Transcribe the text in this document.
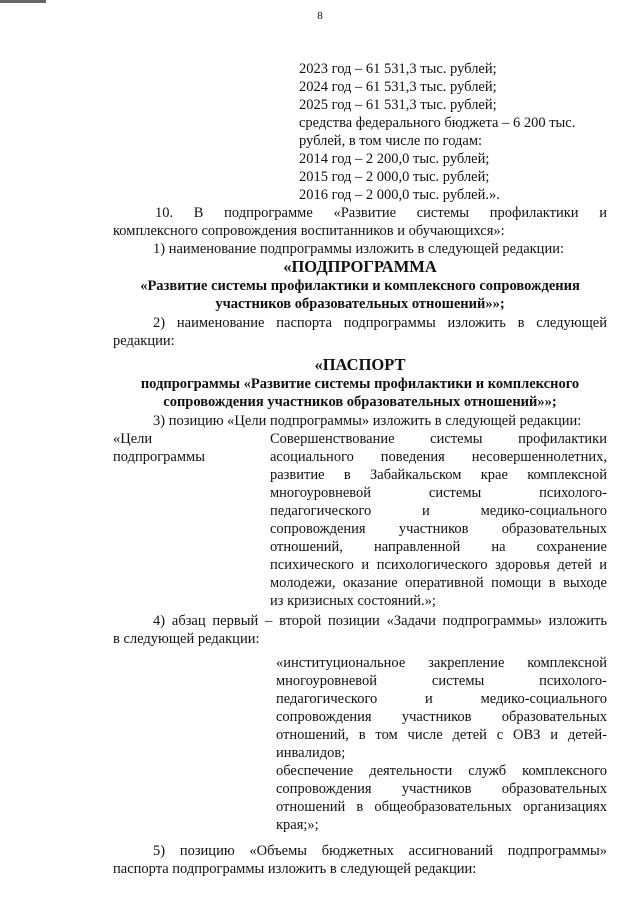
8
2023 год – 61 531,3 тыс. рублей;
2024 год – 61 531,3 тыс. рублей;
2025 год – 61 531,3 тыс. рублей;
средства федерального бюджета – 6 200 тыс.
рублей, в том числе по годам:
2014 год – 2 200,0 тыс. рублей;
2015 год – 2 000,0 тыс. рублей;
2016 год – 2 000,0 тыс. рублей.».
10. В подпрограмме «Развитие системы профилактики и
комплексного сопровождения воспитанников и обучающихся»:
1) наименование подпрограммы изложить в следующей редакции:
«ПОДПРОГРАММА
«Развитие системы профилактики и комплексного сопровождения
участников образовательных отношений»»;
2) наименование паспорта подпрограммы изложить в следующей
редакции:
«ПАСПОРТ
подпрограммы «Развитие системы профилактики и комплексного
сопровождения участников образовательных отношений»»;
3) позицию «Цели подпрограммы» изложить в следующей редакции:
«Цели
подпрограммы
Совершенствование системы профилактики
асоциального поведения несовершеннолетних,
развитие в Забайкальском крае комплексной
многоуровневой системы психолого-
педагогического и медико-социального
сопровождения участников образовательных
отношений, направленной на сохранение
психического и психологического здоровья детей и
молодежи, оказание оперативной помощи в выходе
из кризисных состояний.»;
4) абзац первый – второй позиции «Задачи подпрограммы» изложить
в следующей редакции:
«институциональное закрепление комплексной
многоуровневой системы психолого-
педагогического и медико-социального
сопровождения участников образовательных
отношений, в том числе детей с ОВЗ и детей-
инвалидов;
обеспечение деятельности служб комплексного
сопровождения участников образовательных
отношений в общеобразовательных организациях
края;»;
5) позицию «Объемы бюджетных ассигнований подпрограммы»
паспорта подпрограммы изложить в следующей редакции:
